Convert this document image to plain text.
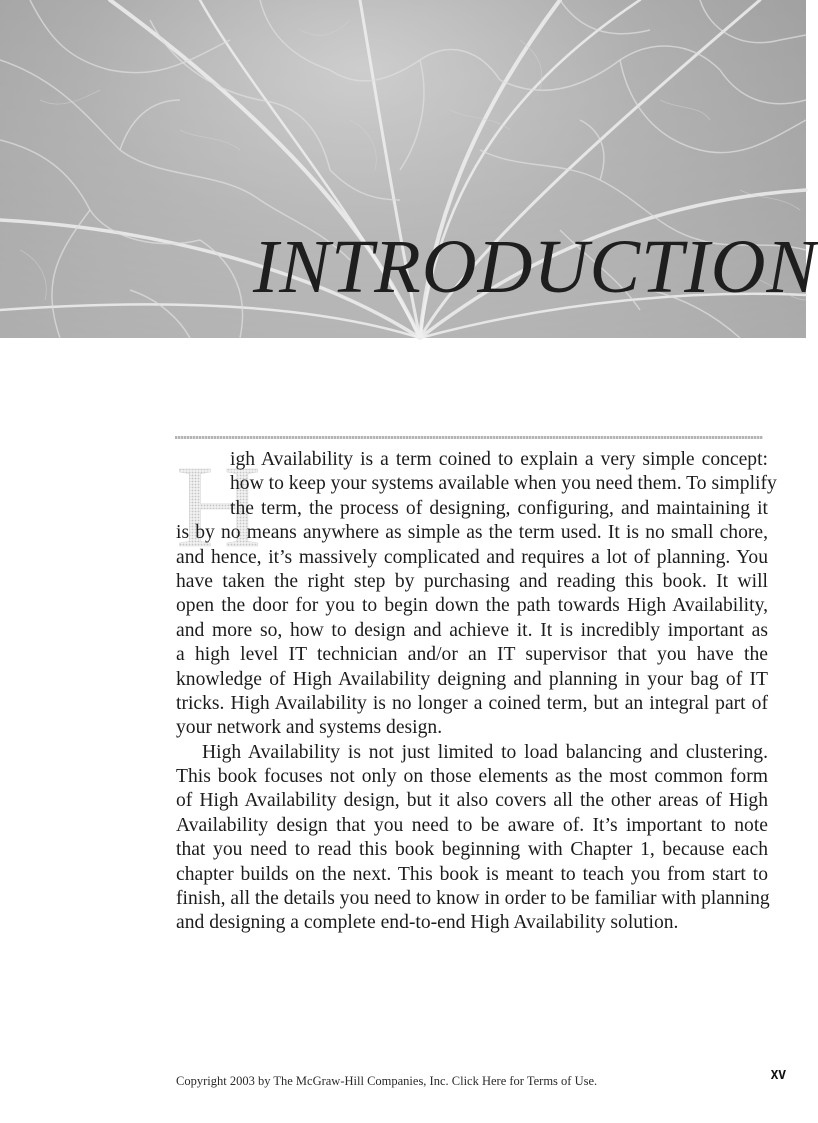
INTRODUCTION
H
igh Availability is a term coined to explain a very simple concept:
how to keep your systems available when you need them. To simplify
the term, the process of designing, configuring, and maintaining it
is by no means anywhere as simple as the term used. It is no small chore,
and hence, it’s massively complicated and requires a lot of planning. You
have taken the right step by purchasing and reading this book. It will
open the door for you to begin down the path towards High Availability,
and more so, how to design and achieve it. It is incredibly important as
a high level IT technician and/or an IT supervisor that you have the
knowledge of High Availability deigning and planning in your bag of IT
tricks. High Availability is no longer a coined term, but an integral part of
your network and systems design.
High Availability is not just limited to load balancing and clustering.
This book focuses not only on those elements as the most common form
of High Availability design, but it also covers all the other areas of High
Availability design that you need to be aware of. It’s important to note
that you need to read this book beginning with Chapter 1, because each
chapter builds on the next. This book is meant to teach you from start to
finish, all the details you need to know in order to be familiar with planning
and designing a complete end-to-end High Availability solution.
Copyright 2003 by The McGraw-Hill Companies, Inc. Click Here for Terms of Use.	xv
